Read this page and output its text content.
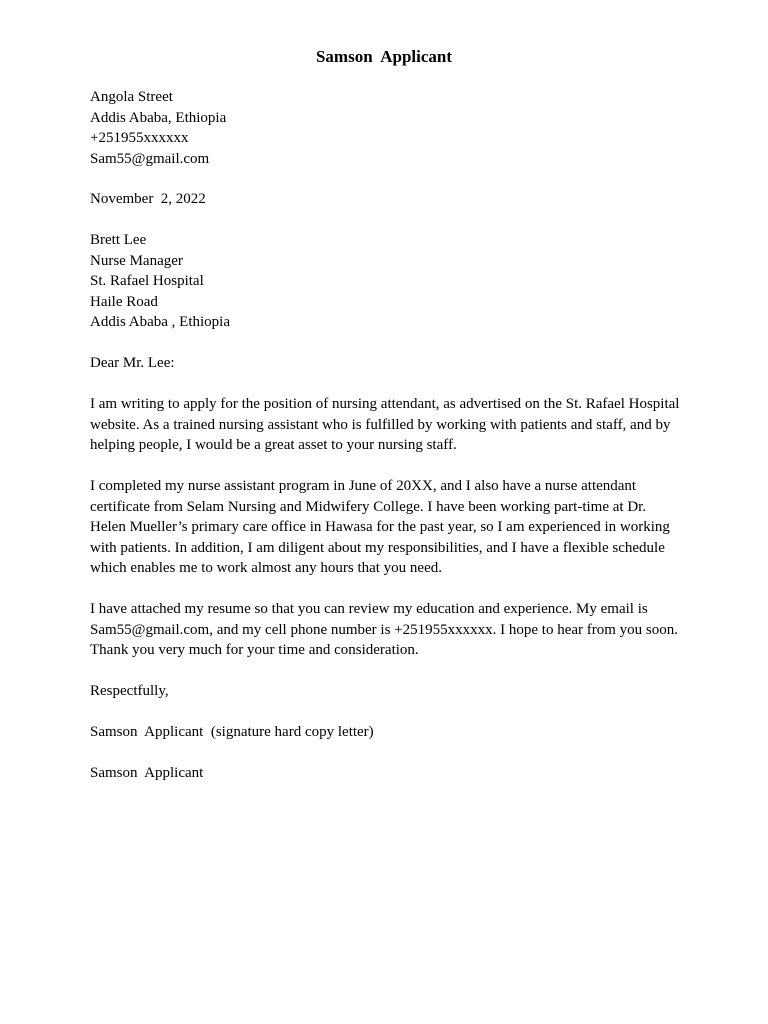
Samson  Applicant
Angola Street
Addis Ababa, Ethiopia
+251955xxxxxx
Sam55@gmail.com
November  2, 2022
Brett Lee
Nurse Manager
St. Rafael Hospital
Haile Road
Addis Ababa , Ethiopia
Dear Mr. Lee:
I am writing to apply for the position of nursing attendant, as advertised on the St. Rafael Hospital website. As a trained nursing assistant who is fulfilled by working with patients and staff, and by helping people, I would be a great asset to your nursing staff.
I completed my nurse assistant program in June of 20XX, and I also have a nurse attendant certificate from Selam Nursing and Midwifery College. I have been working part-time at Dr. Helen Mueller’s primary care office in Hawasa for the past year, so I am experienced in working with patients. In addition, I am diligent about my responsibilities, and I have a flexible schedule which enables me to work almost any hours that you need.
I have attached my resume so that you can review my education and experience. My email is Sam55@gmail.com, and my cell phone number is +251955xxxxxx. I hope to hear from you soon. Thank you very much for your time and consideration.
Respectfully,
Samson  Applicant  (signature hard copy letter)
Samson  Applicant
